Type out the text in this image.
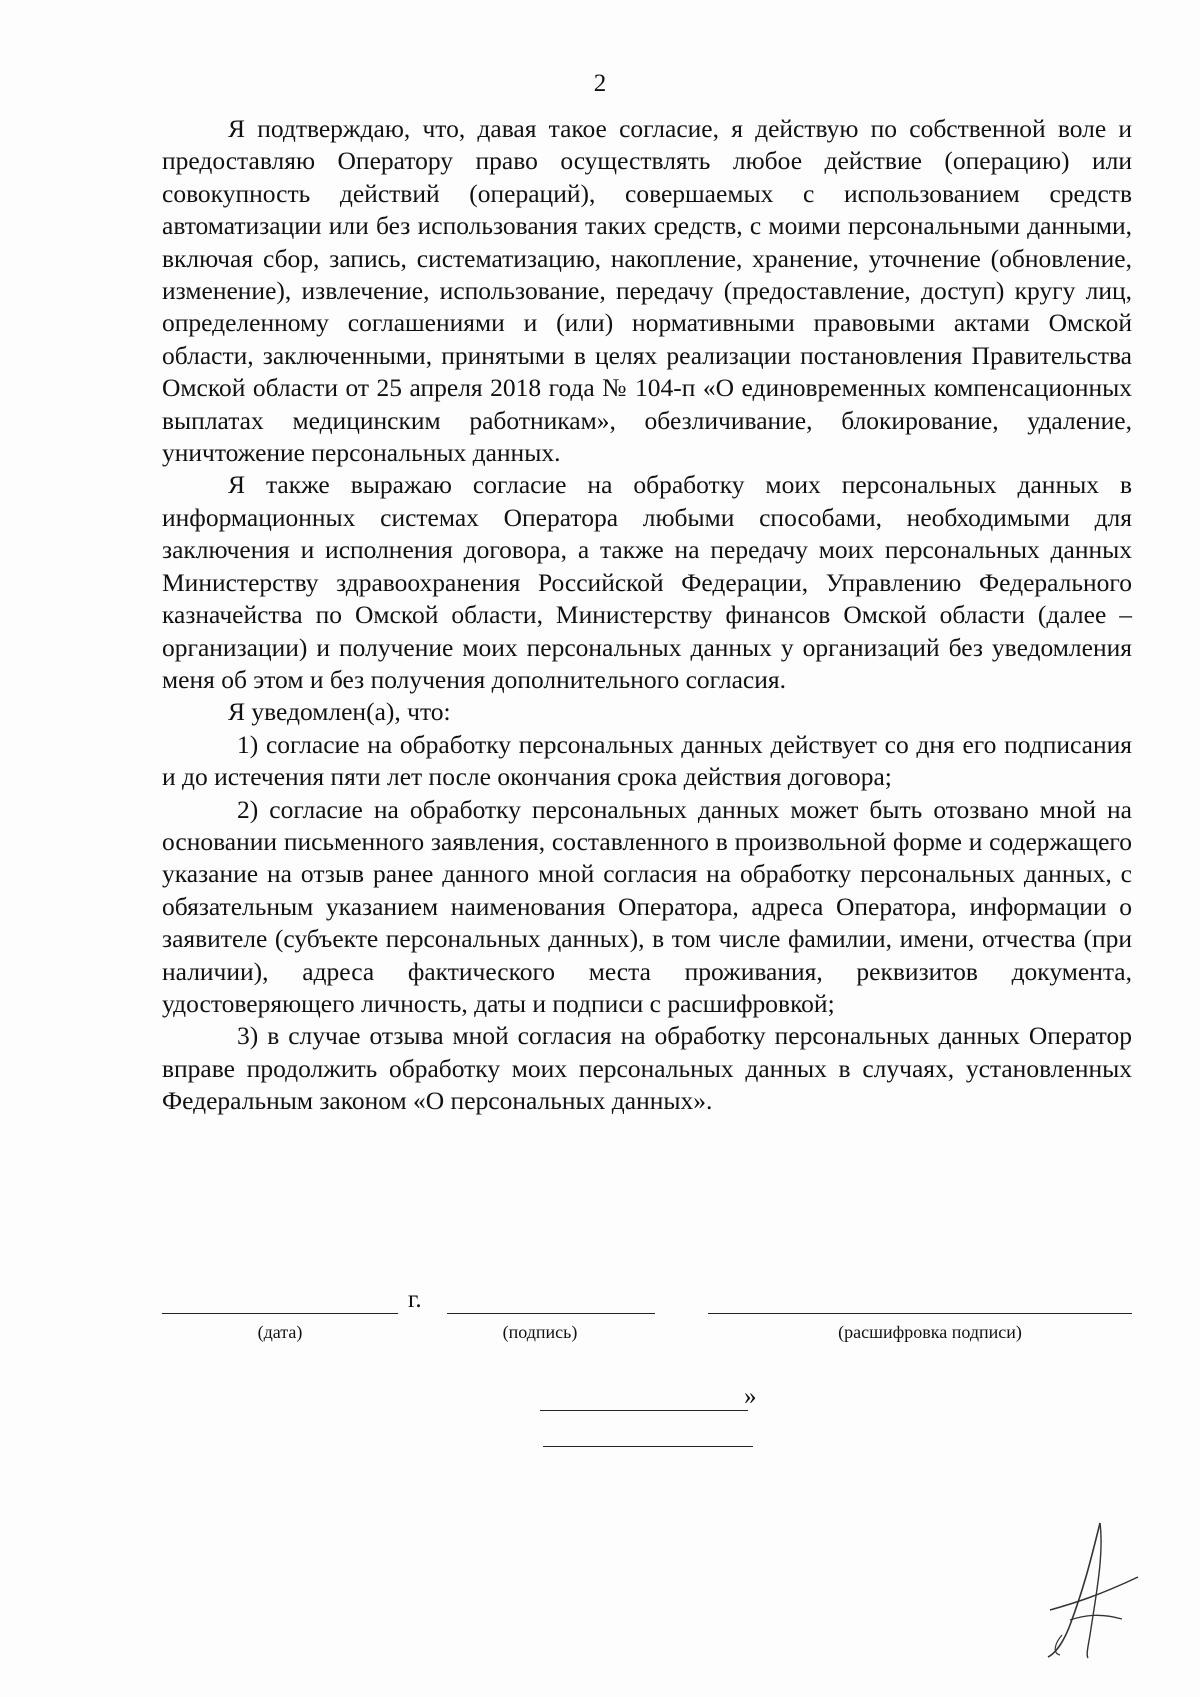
2

Я подтверждаю, что, давая такое согласие, я действую по собственной воле и предоставляю Оператору право осуществлять любое действие (операцию) или совокупность действий (операций), совершаемых с использованием средств автоматизации или без использования таких средств, с моими персональными данными, включая сбор, запись, систематизацию, накопление, хранение, уточнение (обновление, изменение), извлечение, использование, передачу (предоставление, доступ) кругу лиц, определенному соглашениями и (или) нормативными правовыми актами Омской области, заключенными, принятыми в целях реализации постановления Правительства Омской области от 25 апреля 2018 года № 104-п «О единовременных компенсационных выплатах медицинским работникам», обезличивание, блокирование, удаление, уничтожение персональных данных.

Я также выражаю согласие на обработку моих персональных данных в информационных системах Оператора любыми способами, необходимыми для заключения и исполнения договора, а также на передачу моих персональных данных Министерству здравоохранения Российской Федерации, Управлению Федерального казначейства по Омской области, Министерству финансов Омской области (далее – организации) и получение моих персональных данных у организаций без уведомления меня об этом и без получения дополнительного согласия.

Я уведомлен(а), что:

1) согласие на обработку персональных данных действует со дня его подписания и до истечения пяти лет после окончания срока действия договора;

2) согласие на обработку персональных данных может быть отозвано мной на основании письменного заявления, составленного в произвольной форме и содержащего указание на отзыв ранее данного мной согласия на обработку персональных данных, с обязательным указанием наименования Оператора, адреса Оператора, информации о заявителе (субъекте персональных данных), в том числе фамилии, имени, отчества (при наличии), адреса фактического места проживания, реквизитов документа, удостоверяющего личность, даты и подписи с расшифровкой;

3) в случае отзыва мной согласия на обработку персональных данных Оператор вправе продолжить обработку моих персональных данных в случаях, установленных Федеральным законом «О персональных данных».

г.
(дата)	(подпись)	(расшифровка подписи)
»
